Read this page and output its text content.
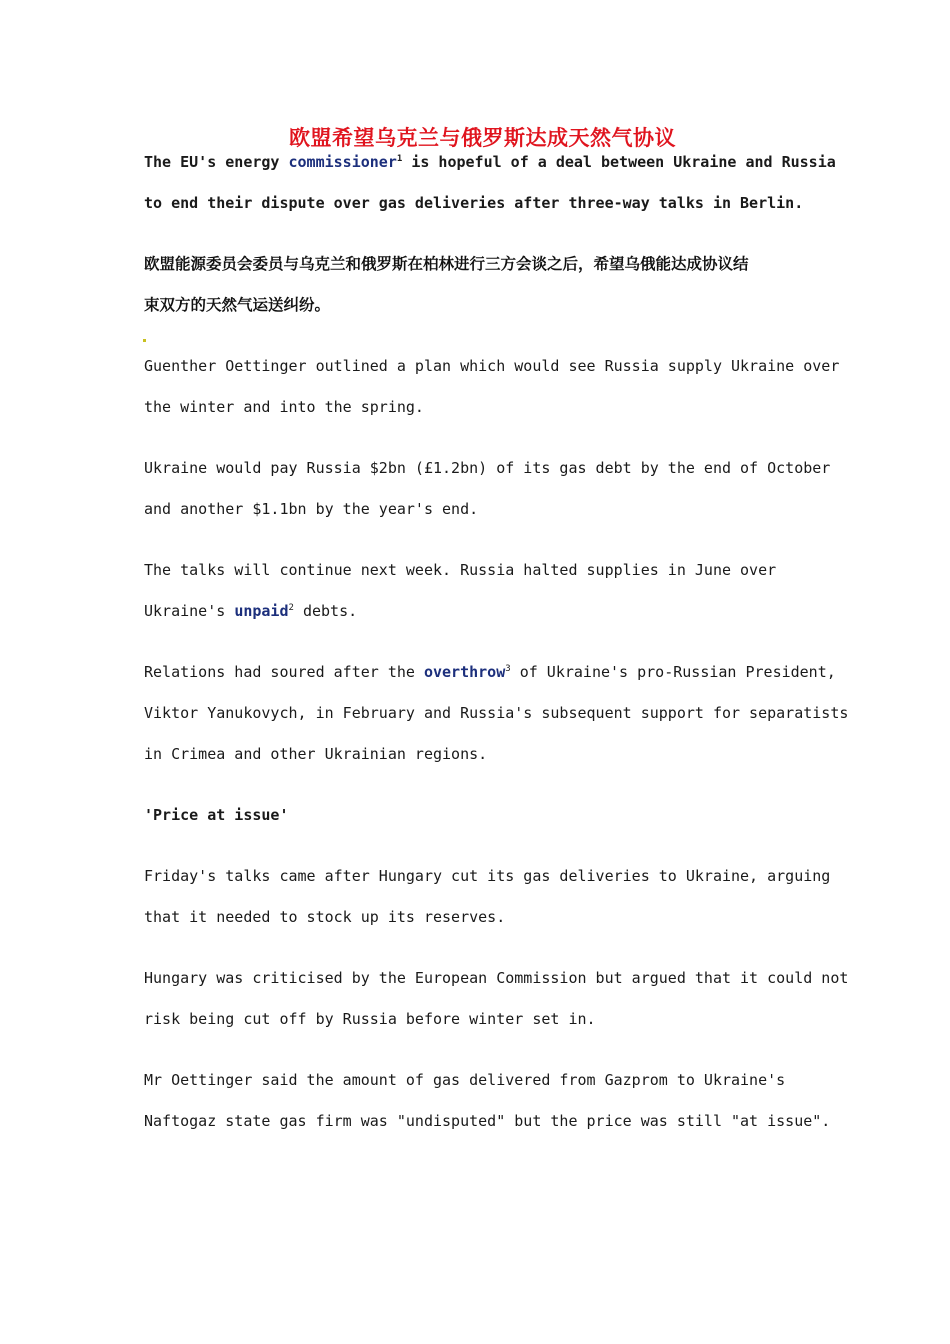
欧盟希望乌克兰与俄罗斯达成天然气协议

The EU's energy commissioner$^1$ is hopeful of a deal between Ukraine and Russia

to end their dispute over gas deliveries after three-way talks in Berlin.

欧盟能源委员会委员与乌克兰和俄罗斯在柏林进行三方会谈之后，希望乌俄能达成协议结

束双方的天然气运送纠纷。

Guenther Oettinger outlined a plan which would see Russia supply Ukraine over

the winter and into the spring.

Ukraine would pay Russia $2bn (£1.2bn) of its gas debt by the end of October

and another $1.1bn by the year's end.

The talks will continue next week. Russia halted supplies in June over

Ukraine's unpaid$^2$ debts.

Relations had soured after the overthrow$^3$ of Ukraine's pro-Russian President,

Viktor Yanukovych, in February and Russia's subsequent support for separatists

in Crimea and other Ukrainian regions.

'Price at issue'

Friday's talks came after Hungary cut its gas deliveries to Ukraine, arguing

that it needed to stock up its reserves.

Hungary was criticised by the European Commission but argued that it could not

risk being cut off by Russia before winter set in.

Mr Oettinger said the amount of gas delivered from Gazprom to Ukraine's

Naftogaz state gas firm was "undisputed" but the price was still "at issue".
